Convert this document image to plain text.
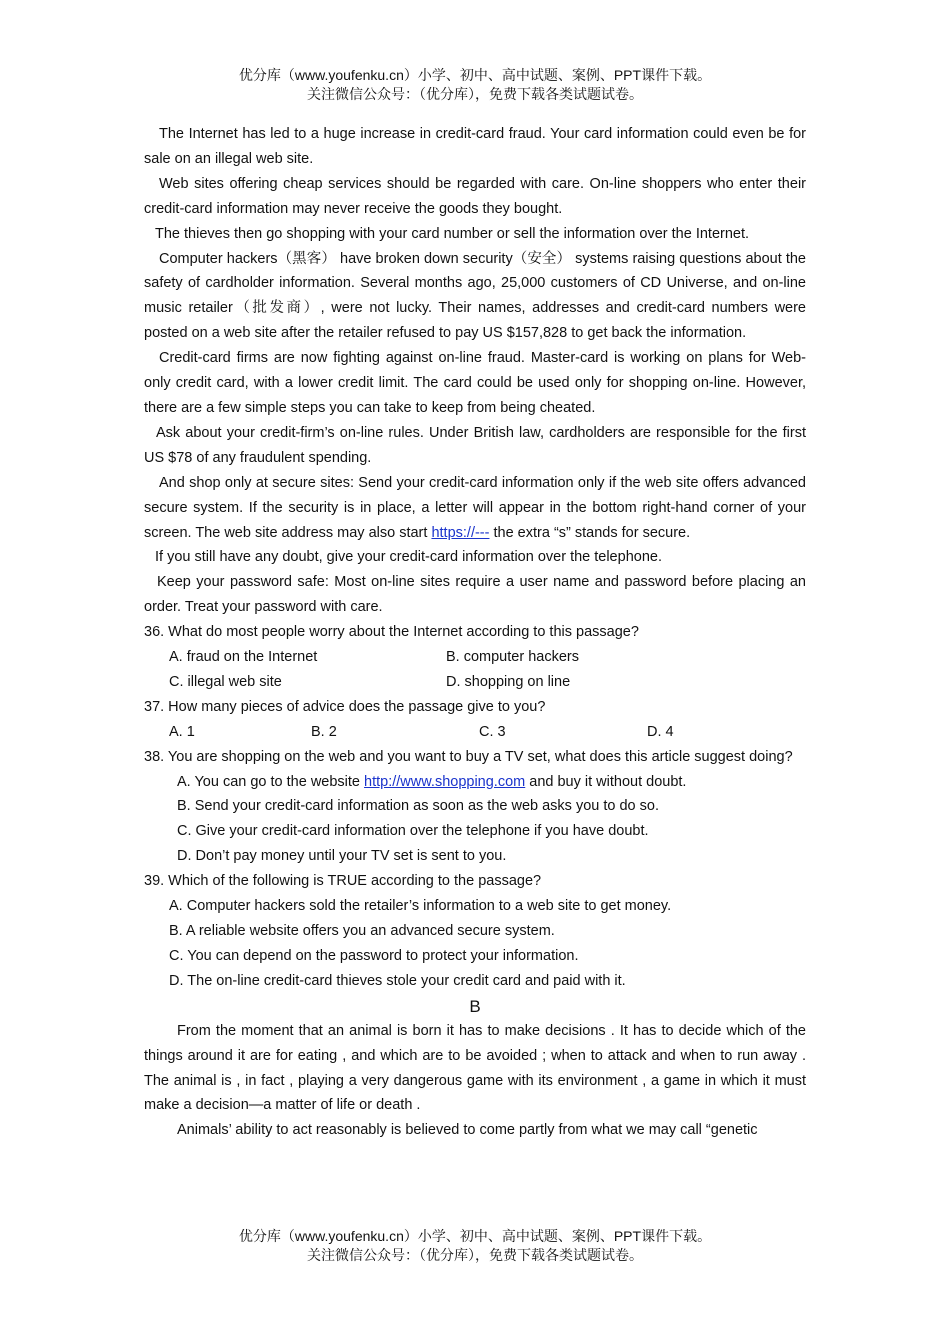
优分库（www.youfenku.cn）小学、初中、高中试题、案例、PPT课件下载。
关注微信公众号：（优分库），免费下载各类试题试卷。

The Internet has led to a huge increase in credit-card fraud. Your card information could even be for sale on an illegal web site.

Web sites offering cheap services should be regarded with care. On-line shoppers who enter their credit-card information may never receive the goods they bought.

The thieves then go shopping with your card number or sell the information over the Internet.

Computer hackers（黑客） have broken down security（安全） systems raising questions about the safety of cardholder information. Several months ago, 25,000 customers of CD Universe, and on-line music retailer（批发商）, were not lucky. Their names, addresses and credit-card numbers were posted on a web site after the retailer refused to pay US $157,828 to get back the information.

Credit-card firms are now fighting against on-line fraud. Master-card is working on plans for Web-only credit card, with a lower credit limit. The card could be used only for shopping on-line. However, there are a few simple steps you can take to keep from being cheated.

Ask about your credit-firm’s on-line rules. Under British law, cardholders are responsible for the first US $78 of any fraudulent spending.

And shop only at secure sites: Send your credit-card information only if the web site offers advanced secure system. If the security is in place, a letter will appear in the bottom right-hand corner of your screen. The web site address may also start https://--- the extra “s” stands for secure.

If you still have any doubt, give your credit-card information over the telephone.

Keep your password safe: Most on-line sites require a user name and password before placing an order. Treat your password with care.

36. What do most people worry about the Internet according to this passage?

A. fraud on the Internet	B. computer hackers
C. illegal web site	D. shopping on line

37. How many pieces of advice does the passage give to you?

A. 1	B. 2	C. 3	D. 4

38. You are shopping on the web and you want to buy a TV set, what does this article suggest doing?

A. You can go to the website http://www.shopping.com and buy it without doubt.

B. Send your credit-card information as soon as the web asks you to do so.

C. Give your credit-card information over the telephone if you have doubt.

D. Don’t pay money until your TV set is sent to you.

39. Which of the following is TRUE according to the passage?

A. Computer hackers sold the retailer’s information to a web site to get money.

B. A reliable website offers you an advanced secure system.

C. You can depend on the password to protect your information.

D. The on-line credit-card thieves stole your credit card and paid with it.

B

From the moment that an animal is born it has to make decisions . It has to decide which of the things around it are for eating , and which are to be avoided ; when to attack and when to run away . The animal is , in fact , playing a very dangerous game with its environment , a game in which it must make a decision—a matter of life or death .

Animals’ ability to act reasonably is believed to come partly from what we may call “genetic

优分库（www.youfenku.cn）小学、初中、高中试题、案例、PPT课件下载。
关注微信公众号：（优分库），免费下载各类试题试卷。
